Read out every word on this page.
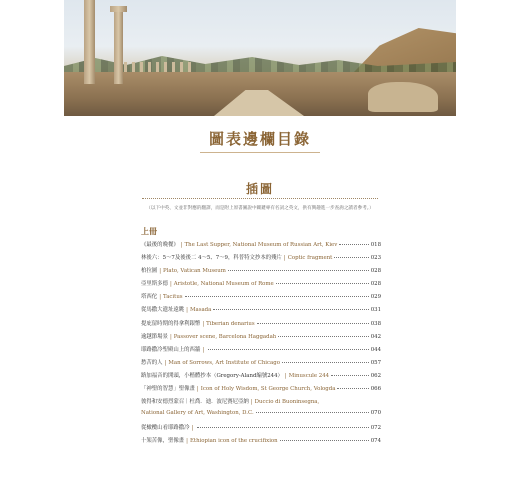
圖表邊欄目錄
插圖
（以下中英、文並非對應的翻譯，而是附上原書圖說中關鍵專有名詞之英文，供有興趣進一步查詢之讀者參考。）
上冊
《最後的晚餐》 | The Last Supper, National Museum of Russian Art, Kiev	018
林後六：5～7及後後二 4～5、7～9，科普特文抄本的殘片 | Coptic fragment	023
柏拉圖 | Plato, Vatican Museum	028
亞里斯多德 | Aristotle, National Museum of Rome	028
塔西佗 | Tacitus	029
從馬撒大遺址遠眺 | Masada	031
提庇留時期的得拿利銀幣 | Tiberian denarius	038
逾越節場景 | Passover scene, Barcelona Haggadah	042
耶路撒冷聖殿山上的西牆 |	044
愁苦的人 | Man of Sorrows, Art Institute of Chicago	057
路加福音的開頭，小楷體抄本（Gregory-Aland編號244） | Minuscule 244	062
「神聖的智慧」聖像畫 | Icon of Holy Wisdom, St George Church, Vologda	066
彼得和安德烈蒙召｜杜喬．迪．波尼賽尼亞納 | Duccio di Buoninsegna,
National Gallery of Art, Washington, D.C.	070
從橄欖山看耶路撒冷 |	072
十架苦像，聖像畫 | Ethiopian icon of the crucifixion	074
